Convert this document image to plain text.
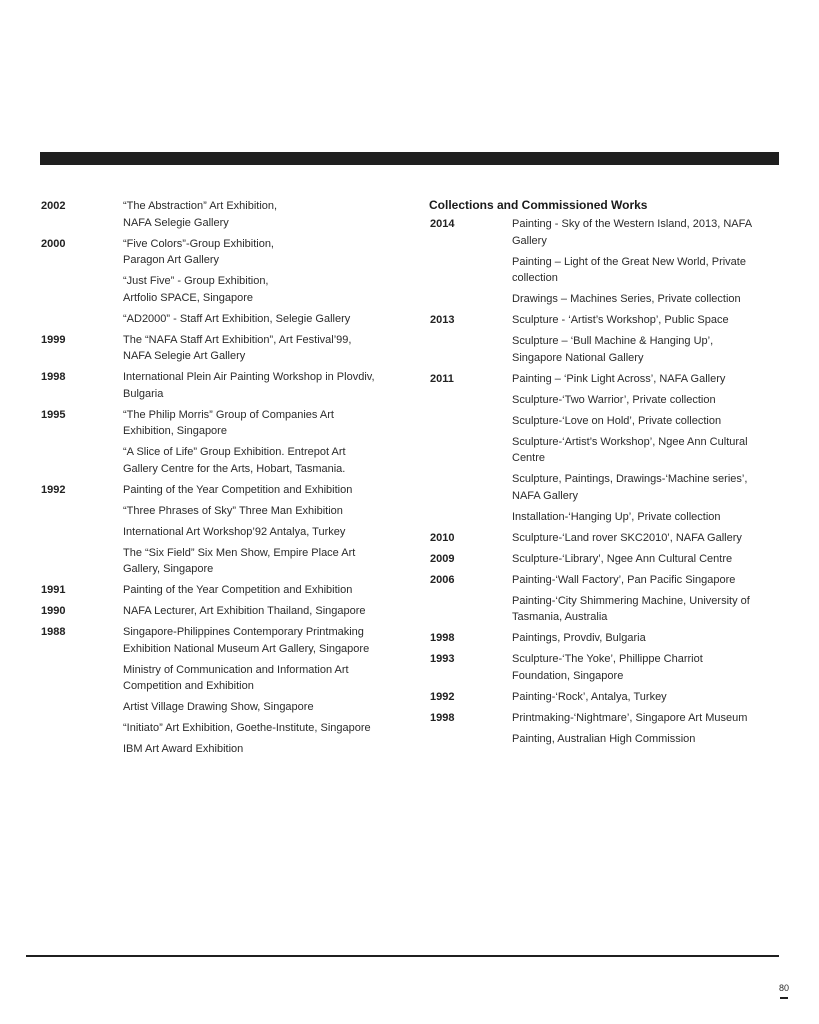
2002	“The Abstraction” Art Exhibition,
NAFA Selegie Gallery
2000	“Five Colors”-Group Exhibition,
Paragon Art Gallery
“Just Five” - Group Exhibition,
Artfolio SPACE, Singapore
“AD2000” - Staff Art Exhibition, Selegie Gallery
1999	The “NAFA Staff Art Exhibition”, Art Festival’99,
NAFA Selegie Art Gallery
1998	International Plein Air Painting Workshop in Plovdiv,
Bulgaria
1995	“The Philip Morris” Group of Companies Art
Exhibition, Singapore
“A Slice of Life” Group Exhibition. Entrepot Art
Gallery Centre for the Arts, Hobart, Tasmania.
1992	Painting of the Year Competition and Exhibition
“Three Phrases of Sky” Three Man Exhibition
International Art Workshop’92 Antalya, Turkey
The “Six Field” Six Men Show, Empire Place Art
Gallery, Singapore
1991	Painting of the Year Competition and Exhibition
1990	NAFA Lecturer, Art Exhibition Thailand, Singapore
1988	Singapore-Philippines Contemporary Printmaking
Exhibition National Museum Art Gallery, Singapore
Ministry of Communication and Information Art
Competition and Exhibition
Artist Village Drawing Show, Singapore
“Initiato” Art Exhibition, Goethe-Institute, Singapore
IBM Art Award Exhibition
Collections and Commissioned Works
2014	Painting - Sky of the Western Island, 2013, NAFA
Gallery
Painting – Light of the Great New World, Private
collection
Drawings – Machines Series, Private collection
2013	Sculpture - ‘Artist’s Workshop’, Public Space
Sculpture – ‘Bull Machine & Hanging Up’,
Singapore National Gallery
2011	Painting – ‘Pink Light Across’, NAFA Gallery
Sculpture-‘Two Warrior’, Private collection
Sculpture-‘Love on Hold’, Private collection
Sculpture-‘Artist’s Workshop’, Ngee Ann Cultural
Centre
Sculpture, Paintings, Drawings-‘Machine series’,
NAFA Gallery
Installation-‘Hanging Up’, Private collection
2010	Sculpture-‘Land rover SKC2010’, NAFA Gallery
2009	Sculpture-‘Library’, Ngee Ann Cultural Centre
2006	Painting-‘Wall Factory’, Pan Pacific Singapore
Painting-‘City Shimmering Machine, University of
Tasmania, Australia
1998	Paintings, Provdiv, Bulgaria
1993	Sculpture-‘The Yoke’, Phillippe Charriot
Foundation, Singapore
1992	Painting-‘Rock’, Antalya, Turkey
1998	Printmaking-‘Nightmare’, Singapore Art Museum
Painting, Australian High Commission
80
